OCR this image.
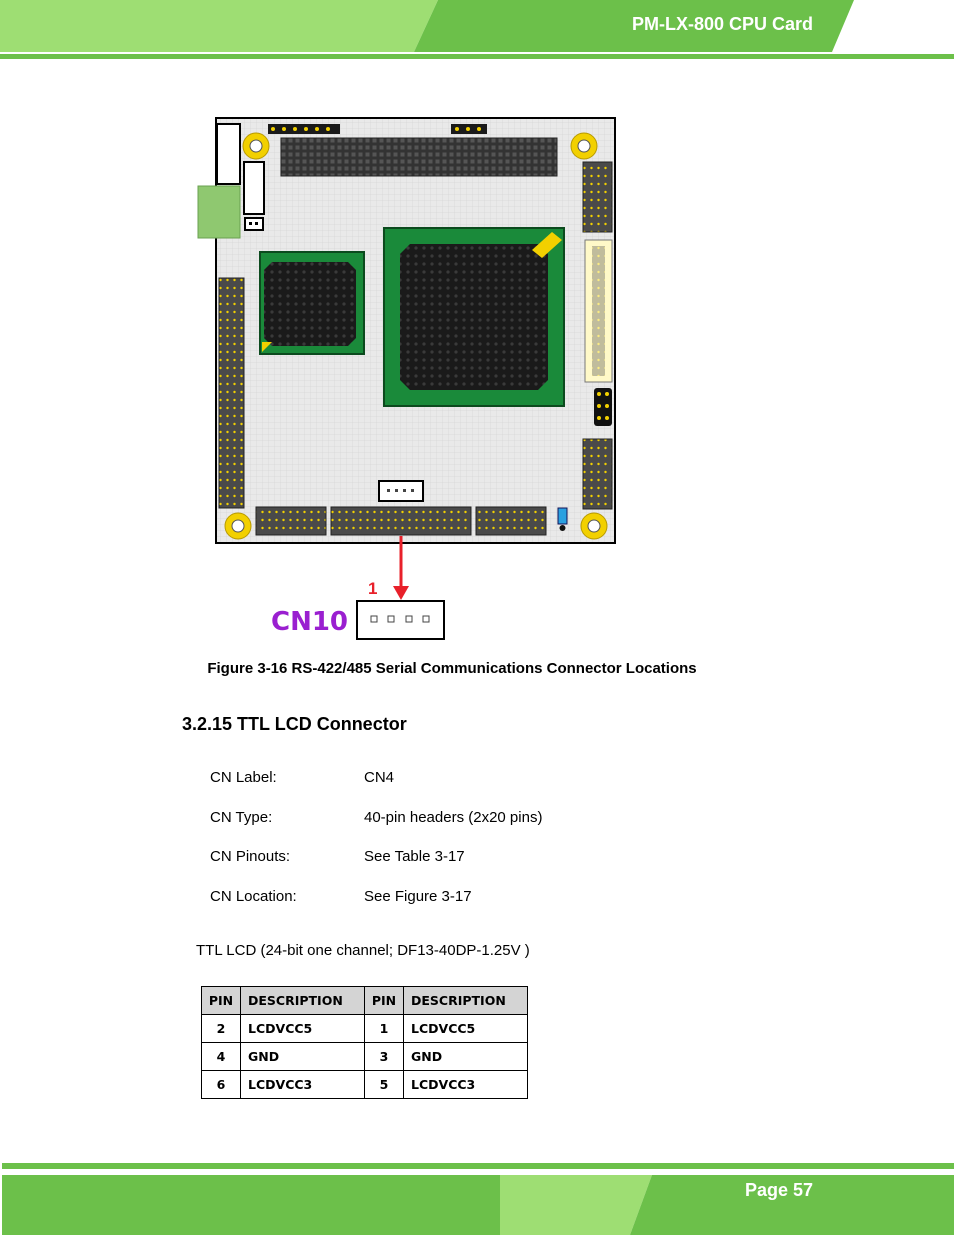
PM-LX-800 CPU Card
1
CN10
Figure 3-16 RS-422/485 Serial Communications Connector Locations
3.2.15 TTL LCD Connector
CN Label:	CN4
CN Type:	40-pin headers (2x20 pins)
CN Pinouts:	See Table 3-17
CN Location:	See Figure 3-17
TTL LCD (24-bit one channel; DF13-40DP-1.25V )
PIN	DESCRIPTION	PIN	DESCRIPTION
2	LCDVCC5	1	LCDVCC5
4	GND	3	GND
6	LCDVCC3	5	LCDVCC3
Page 57
